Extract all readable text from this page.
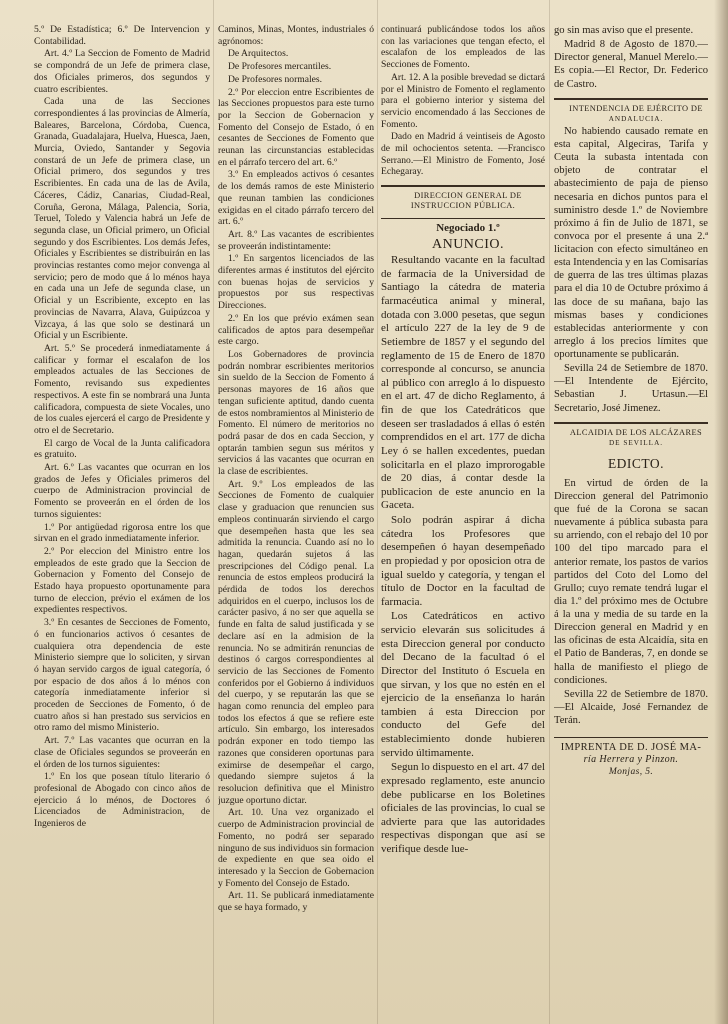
5.º De Estadística; 6.º De Intervencion y Contabilidad.

Art. 4.º La Seccion de Fomento de Madrid se compondrá de un Jefe de primera clase, dos Oficiales primeros, dos segundos y cuatro escribientes.

Cada una de las Secciones correspondientes á las provincias de Almería, Baleares, Barcelona, Córdoba, Cuenca, Granada, Guadalajara, Huelva, Huesca, Jaen, Murcia, Oviedo, Santander y Segovia constará de un Jefe de primera clase, un Oficial primero, dos segundos y tres Escribientes. En cada una de las de Avila, Cáceres, Cádiz, Canarias, Ciudad-Real, Coruña, Gerona, Málaga, Palencia, Soria, Teruel, Toledo y Valencia habrá un Jefe de segunda clase, un Oficial primero, un Oficial segundo y dos Escribientes. Los demás Jefes, Oficiales y Escribientes se distribuirán en las provincias restantes como mejor convenga al servicio; pero de modo que á lo ménos haya en cada una un Jefe de segunda clase, un Oficial y un Escribiente, excepto en las provincias de Navarra, Alava, Guipúzcoa y Vizcaya, á las que solo se destinará un Oficial y un Escribiente.

Art. 5.º Se procederá inmediatamente á calificar y formar el escalafon de los empleados actuales de las Secciones de Fomento, revisando sus expedientes respectivos. A este fin se nombrará una Junta calificadora, compuesta de siete Vocales, uno de los cuales ejercerá el cargo de Presidente y otro el de Secretario.

El cargo de Vocal de la Junta calificadora es gratuito.

Art. 6.º Las vacantes que ocurran en los grados de Jefes y Oficiales primeros del cuerpo de Administracion provincial de Fomento se proveerán en el órden de los turnos siguientes:

1.º Por antigüedad rigorosa entre los que sirvan en el grado inmediatamente inferior.

2.º Por eleccion del Ministro entre los empleados de este grado que la Seccion de Gobernacion y Fomento del Consejo de Estado haya propuesto oportunamente para turno de eleccion, prévio el exámen de los expedientes respectivos.

3.º En cesantes de Secciones de Fomento, ó en funcionarios activos ó cesantes de cualquiera otra dependencia de este Ministerio siempre que lo soliciten, y sirvan ó hayan servido cargos de igual categoría, ó por espacio de dos años á lo ménos con categoría inmediatamente inferior si proceden de Secciones de Fomento, ó de cuatro años si han prestado sus servicios en otro ramo del mismo Ministerio.

Art. 7.º Las vacantes que ocurran en la clase de Oficiales segundos se proveerán en el órden de los turnos siguientes:

1.º En los que posean título literario ó profesional de Abogado con cinco años de ejercicio á lo ménos, de Doctores ó Licenciados de Administracion, de Ingenieros de

Caminos, Minas, Montes, industriales ó agrónomos:

De Arquitectos.

De Profesores mercantiles.

De Profesores normales.

2.º Por eleccion entre Escribientes de las Secciones propuestos para este turno por la Seccion de Gobernacion y Fomento del Consejo de Estado, ó en cesantes de Secciones de Fomento que reunan las circunstancias establecidas en el párrafo tercero del art. 6.º

3.º En empleados activos ó cesantes de los demás ramos de este Ministerio que reunan tambien las condiciones exigidas en el citado párrafo tercero del art. 6.º

Art. 8.º Las vacantes de escribientes se proveerán indistintamente:

1.º En sargentos licenciados de las diferentes armas é institutos del ejército con buenas hojas de servicios y propuestos por sus respectivas Direcciones.

2.º En los que prévio exámen sean calificados de aptos para desempeñar este cargo.

Los Gobernadores de provincia podrán nombrar escribientes meritorios sin sueldo de la Seccion de Fomento á personas mayores de 16 años que tengan suficiente aptitud, dando cuenta de estos nombramientos al Ministerio de Fomento. El número de meritorios no podrá pasar de dos en cada Seccion, y optarán tambien segun sus méritos y servicios á las vacantes que ocurran en la clase de escribientes.

Art. 9.º Los empleados de las Secciones de Fomento de cualquier clase y graduacion que renuncien sus empleos continuarán sirviendo el cargo que desempeñen hasta que les sea admitida la renuncia. Cuando así no lo hagan, quedarán sujetos á las prescripciones del Código penal. La renuncia de estos empleos producirá la pérdida de todos los derechos adquiridos en el cuerpo, inclusos los de carácter pasivo, á no ser que aquella se funde en falta de salud justificada y se declare así en la admision de la renuncia. No se admitirán renuncias de destinos ó cargos correspondientes al servicio de las Secciones de Fomento conferidos por el Gobierno á individuos del cuerpo, y se reputarán las que se hagan como renuncia del empleo para todos los efectos á que se refiere este artículo. Sin embargo, los interesados podrán exponer en todo tiempo las razones que consideren oportunas para eximirse de desempeñar el cargo, quedando siempre sujetos á la resolucion definitiva que el Ministro juzgue oportuno dictar.

Art. 10. Una vez organizado el cuerpo de Administracion provincial de Fomento, no podrá ser separado ninguno de sus individuos sin formacion de expediente en que sea oido el interesado y la Seccion de Gobernacion y Fomento del Consejo de Estado.

Art. 11. Se publicará inmediatamente que se haya formado, y

continuará publicándose todos los años con las variaciones que tengan efecto, el escalafon de los empleados de las Secciones de Fomento.

Art. 12. A la posible brevedad se dictará por el Ministro de Fomento el reglamento para el gobierno interior y sistema del servicio encomendado á las Secciones de Fomento.

Dado en Madrid á veintiseis de Agosto de mil ochocientos setenta. —Francisco Serrano.—El Ministro de Fomento, José Echegaray.

DIRECCION GENERAL DE INSTRUCCION PÚBLICA.

Negociado 1.º

ANUNCIO.

Resultando vacante en la facultad de farmacia de la Universidad de Santiago la cátedra de materia farmacéutica animal y mineral, dotada con 3.000 pesetas, que segun el artículo 227 de la ley de 9 de Setiembre de 1857 y el segundo del reglamento de 15 de Enero de 1870 corresponde al concurso, se anuncia al público con arreglo á lo dispuesto en el art. 47 de dicho Reglamento, á fin de que los Catedráticos que deseen ser trasladados á ellas ó estén comprendidos en el art. 177 de dicha Ley ó se hallen excedentes, puedan solicitarla en el plazo improrogable de 20 dias, á contar desde la publicacion de este anuncio en la Gaceta.

Solo podrán aspirar á dicha cátedra los Profesores que desempeñen ó hayan desempeñado en propiedad y por oposicion otra de igual sueldo y categoría, y tengan el título de Doctor en la facultad de farmacia.

Los Catedráticos en activo servicio elevarán sus solicitudes á esta Direccion general por conducto del Decano de la facultad ó el Director del Instituto ó Escuela en que sirvan, y los que no estén en el ejercicio de la enseñanza lo harán tambien á esta Direccion por conducto del Gefe del establecimiento donde hubieren servido últimamente.

Segun lo dispuesto en el art. 47 del expresado reglamento, este anuncio debe publicarse en los Boletines oficiales de las provincias, lo cual se advierte para que las autoridades respectivas dispongan que así se verifique desde lue-

go sin mas aviso que el presente.

Madrid 8 de Agosto de 1870.—Director general, Manuel Merelo.—Es copia.—El Rector, Dr. Federico de Castro.

INTENDENCIA DE EJÉRCITO DE

ANDALUCIA.

No habiendo causado remate en esta capital, Algeciras, Tarifa y Ceuta la subasta intentada con objeto de contratar el abastecimiento de paja de pienso necesaria en dichos puntos para el suministro desde 1.º de Noviembre próximo á fin de Julio de 1871, se convoca por el presente á una 2.ª licitacion con efecto simultáneo en esta Intendencia y en las Comisarías de guerra de las tres últimas plazas para el dia 10 de Octubre próximo á las doce de su mañana, bajo las mismas bases y condiciones establecidas anteriormente y con arreglo á los precios límites que oportunamente se publicarán.

Sevilla 24 de Setiembre de 1870.—El Intendente de Ejército, Sebastian J. Urtasun.—El Secretario, José Jimenez.

ALCAIDIA DE LOS ALCÁZARES

DE SEVILLA.

EDICTO.

En virtud de órden de la Direccion general del Patrimonio que fué de la Corona se sacan nuevamente á pública subasta para su arriendo, con el rebajo del 10 por 100 del tipo marcado para el anterior remate, los pastos de varios partidos del Coto del Lomo del Grullo; cuyo remate tendrá lugar el dia 1.º del próximo mes de Octubre á la una y media de su tarde en la Direccion general en Madrid y en las oficinas de esta Alcaidía, sita en el Patio de Banderas, 7, en donde se halla de manifiesto el pliego de condiciones.

Sevilla 22 de Setiembre de 1870.—El Alcaide, José Fernandez de Terán.

IMPRENTA DE D. JOSÉ MA-
ría Herrera y Pinzon.
Monjas, 5.
